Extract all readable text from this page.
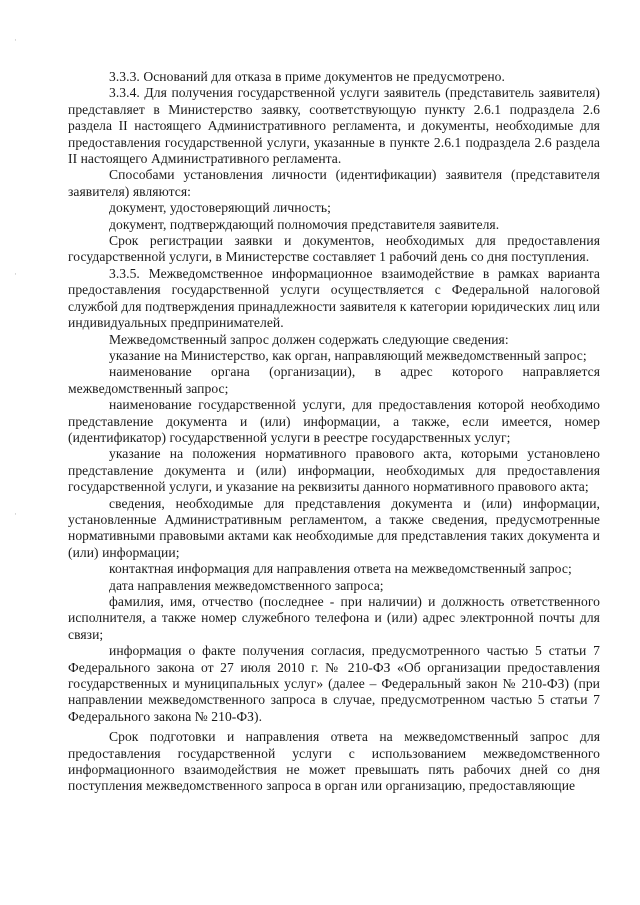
·
·
·

3.3.3. Оснований для отказа в приме документов не предусмотрено.

3.3.4. Для получения государственной услуги заявитель (представитель заявителя) представляет в Министерство заявку, соответствующую пункту 2.6.1 подраздела 2.6 раздела II настоящего Административного регламента, и документы, необходимые для предоставления государственной услуги, указанные в пункте 2.6.1 подраздела 2.6 раздела II настоящего Административного регламента.

Способами установления личности (идентификации) заявителя (представителя заявителя) являются:

документ, удостоверяющий личность;

документ, подтверждающий полномочия представителя заявителя.

Срок регистрации заявки и документов, необходимых для предоставления государственной услуги, в Министерстве составляет 1 рабочий день со дня поступления.

3.3.5. Межведомственное информационное взаимодействие в рамках варианта предоставления государственной услуги осуществляется с Федеральной налоговой службой для подтверждения принадлежности заявителя к категории юридических лиц или индивидуальных предпринимателей.

Межведомственный запрос должен содержать следующие сведения:

указание на Министерство, как орган, направляющий межведомственный запрос;

наименование органа (организации), в адрес которого направляется межведомственный запрос;

наименование государственной услуги, для предоставления которой необходимо представление документа и (или) информации, а также, если имеется, номер (идентификатор) государственной услуги в реестре государственных услуг;

указание на положения нормативного правового акта, которыми установлено представление документа и (или) информации, необходимых для предоставления государственной услуги, и указание на реквизиты данного нормативного правового акта;

сведения, необходимые для представления документа и (или) информации, установленные Административным регламентом, а также сведения, предусмотренные нормативными правовыми актами как необходимые для представления таких документа и (или) информации;

контактная информация для направления ответа на межведомственный запрос;

дата направления межведомственного запроса;

фамилия, имя, отчество (последнее - при наличии) и должность ответственного исполнителя, а также номер служебного телефона и (или) адрес электронной почты для связи;

информация о факте получения согласия, предусмотренного частью 5 статьи 7 Федерального закона от 27 июля 2010 г. № 210-ФЗ «Об организации предоставления государственных и муниципальных услуг» (далее – Федеральный закон № 210-ФЗ) (при направлении межведомственного запроса в случае, предусмотренном частью 5 статьи 7 Федерального закона № 210-ФЗ).

Срок подготовки и направления ответа на межведомственный запрос для предоставления государственной услуги с использованием межведомственного информационного взаимодействия не может превышать пять рабочих дней со дня поступления межведомственного запроса в орган или организацию, предоставляющие
